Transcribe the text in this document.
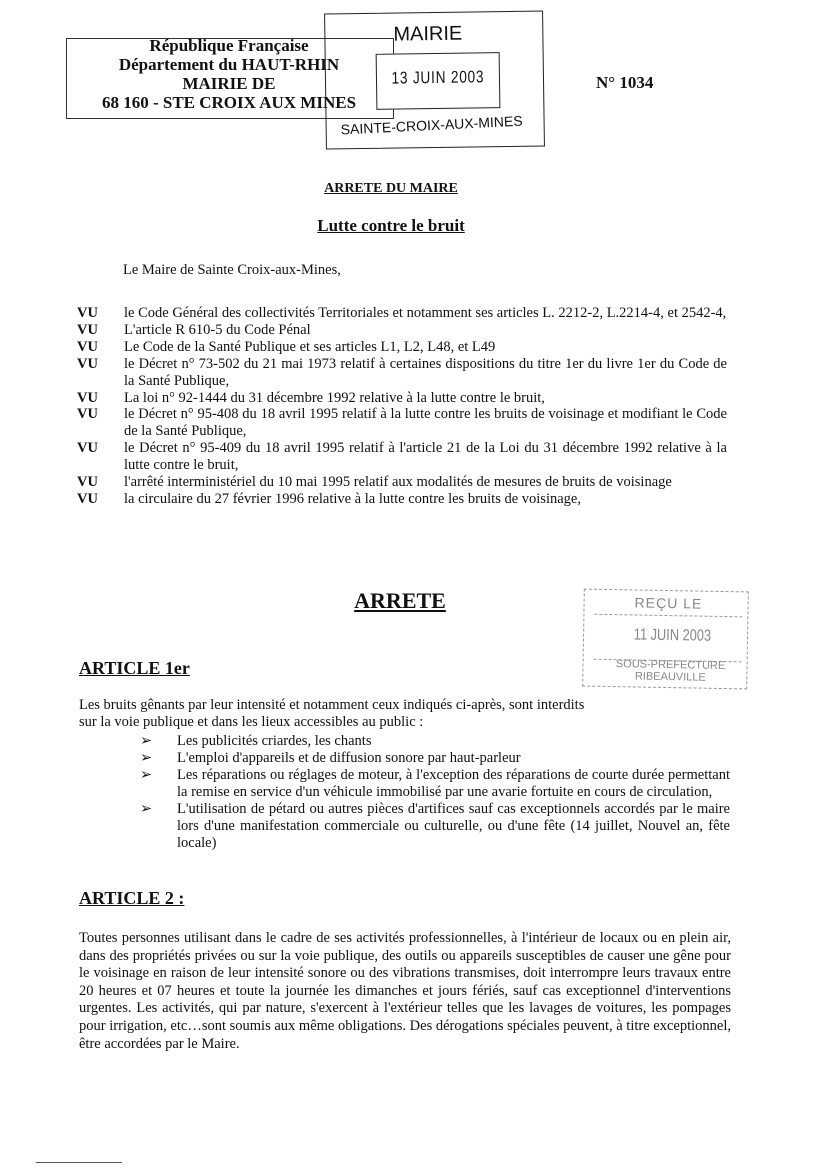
République Française
Département du HAUT-RHIN
MAIRIE DE
68 160 - STE CROIX AUX MINES
MAIRIE
13 JUIN 2003
SAINTE-CROIX-AUX-MINES
N° 1034
ARRETE DU MAIRE
Lutte contre le bruit
Le Maire de Sainte Croix-aux-Mines,
VU	le Code Général des collectivités Territoriales et notamment ses articles L. 2212-2, L.2214-4, et 2542-4,
VU	L'article R 610-5 du Code Pénal
VU	Le Code de la Santé Publique et ses articles L1, L2, L48, et L49
VU	le Décret n° 73-502 du 21 mai 1973 relatif à certaines dispositions du titre 1er du livre 1er du Code de la Santé Publique,
VU	La loi n° 92-1444 du 31 décembre 1992 relative à la lutte contre le bruit,
VU	le Décret n° 95-408 du 18 avril 1995 relatif à la lutte contre les bruits de voisinage et modifiant le Code de la Santé Publique,
VU	le Décret n° 95-409 du 18 avril 1995 relatif à l'article 21 de la Loi du 31 décembre 1992 relative à la lutte contre le bruit,
VU	l'arrêté interministériel du 10 mai 1995 relatif aux modalités de mesures de bruits de voisinage
VU	la circulaire du 27 février 1996 relative à la lutte contre les bruits de voisinage,
ARRETE	REÇU LE
11 JUIN 2003
SOUS-PREFECTURE
RIBEAUVILLE
ARTICLE 1er
Les bruits gênants par leur intensité et notamment ceux indiqués ci-après, sont interdits
sur la voie publique et dans les lieux accessibles au public :
➢	Les publicités criardes, les chants
➢	L'emploi d'appareils et de diffusion sonore par haut-parleur
➢	Les réparations ou réglages de moteur, à l'exception des réparations de courte durée permettant la remise en service d'un véhicule immobilisé par une avarie fortuite en cours de circulation,
➢	L'utilisation de pétard ou autres pièces d'artifices sauf cas exceptionnels accordés par le maire lors d'une manifestation commerciale ou culturelle, ou d'une fête (14 juillet, Nouvel an, fête locale)
ARTICLE 2 :
Toutes personnes utilisant dans le cadre de ses activités professionnelles, à l'intérieur de locaux ou en plein air, dans des propriétés privées ou sur la voie publique, des outils ou appareils susceptibles de causer une gêne pour le voisinage en raison de leur intensité sonore ou des vibrations transmises, doit interrompre leurs travaux entre 20 heures et 07 heures et toute la journée les dimanches et jours fériés, sauf cas exceptionnel d'interventions urgentes. Les activités, qui par nature, s'exercent à l'extérieur telles que les lavages de voitures, les pompages pour irrigation, etc…sont soumis aux même obligations. Des dérogations spéciales peuvent, à titre exceptionnel, être accordées par le Maire.
